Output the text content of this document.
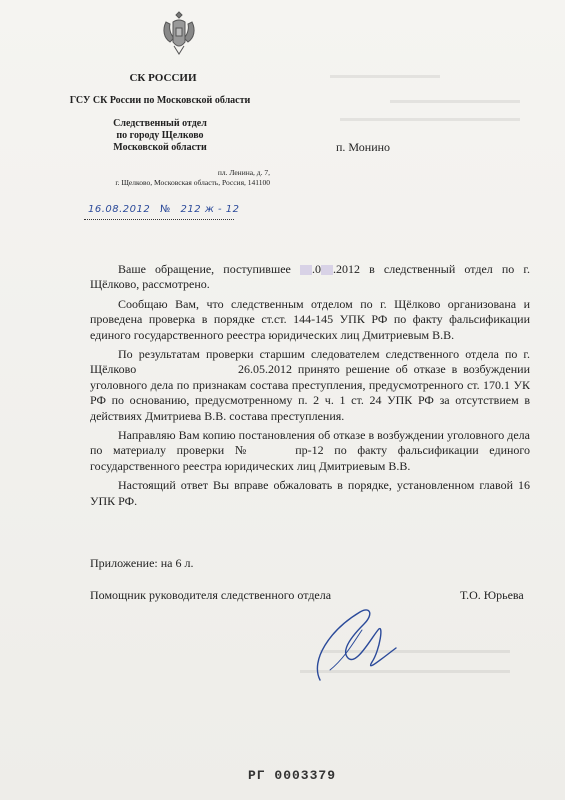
СК РОССИИ
ГСУ СК России по Московской области
Следственный отдел
по городу Щелково
Московской области	п. Монино
пл. Ленина, д. 7,
г. Щелково, Московская область, Россия, 141100
16.08.2012 № 212 ж - 12

Ваше обращение, поступившее .0 .2012 в следственный отдел по г. Щёлково, рассмотрено.

Сообщаю Вам, что следственным отделом по г. Щёлково организована и проведена проверка в порядке ст.ст. 144-145 УПК РФ по факту фальсификации единого государственного реестра юридических лиц Дмитриевым В.В.

По результатам проверки старшим следователем следственного отдела по г. Щёлково	26.05.2012 принято решение об отказе в возбуждении уголовного дела по признакам состава преступления, предусмотренного ст. 170.1 УК РФ по основанию, предусмотренному п. 2 ч. 1 ст. 24 УПК РФ за отсутствием в действиях Дмитриева В.В. состава преступления.

Направляю Вам копию постановления об отказе в возбуждении уголовного дела по материалу проверки №	пр-12 по факту фальсификации единого государственного реестра юридических лиц Дмитриевым В.В.

Настоящий ответ Вы вправе обжаловать в порядке, установленном главой 16 УПК РФ.

Приложение: на 6 л.
Помощник руководителя следственного отдела	Т.О. Юрьева
РГ 0003379
